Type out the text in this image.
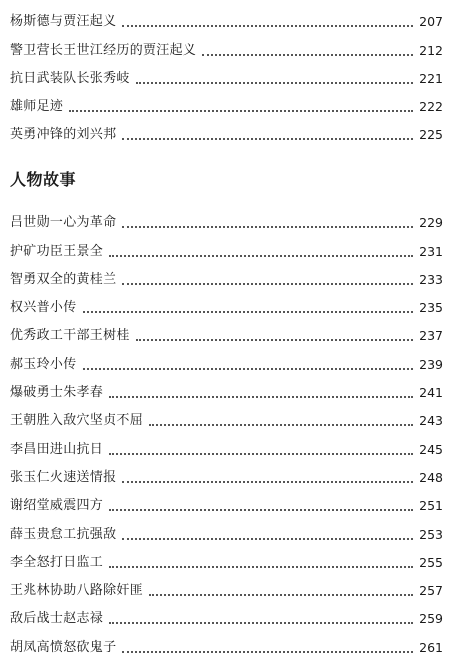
杨斯德与贾汪起义	207
警卫营长王世江经历的贾汪起义	212
抗日武装队长张秀岐	221
雄师足迹	222
英勇冲锋的刘兴邦	225
人物故事
吕世勋一心为革命	229
护矿功臣王景全	231
智勇双全的黄桂兰	233
权兴普小传	235
优秀政工干部王树桂	237
郝玉玲小传	239
爆破勇士朱孝春	241
王朝胜入敌穴坚贞不屈	243
李昌田进山抗日	245
张玉仁火速送情报	248
谢绍堂威震四方	251
薛玉贵怠工抗强敌	253
李全怒打日监工	255
王兆林协助八路除奸匪	257
敌后战士赵志禄	259
胡凤高愤怒砍鬼子	261
